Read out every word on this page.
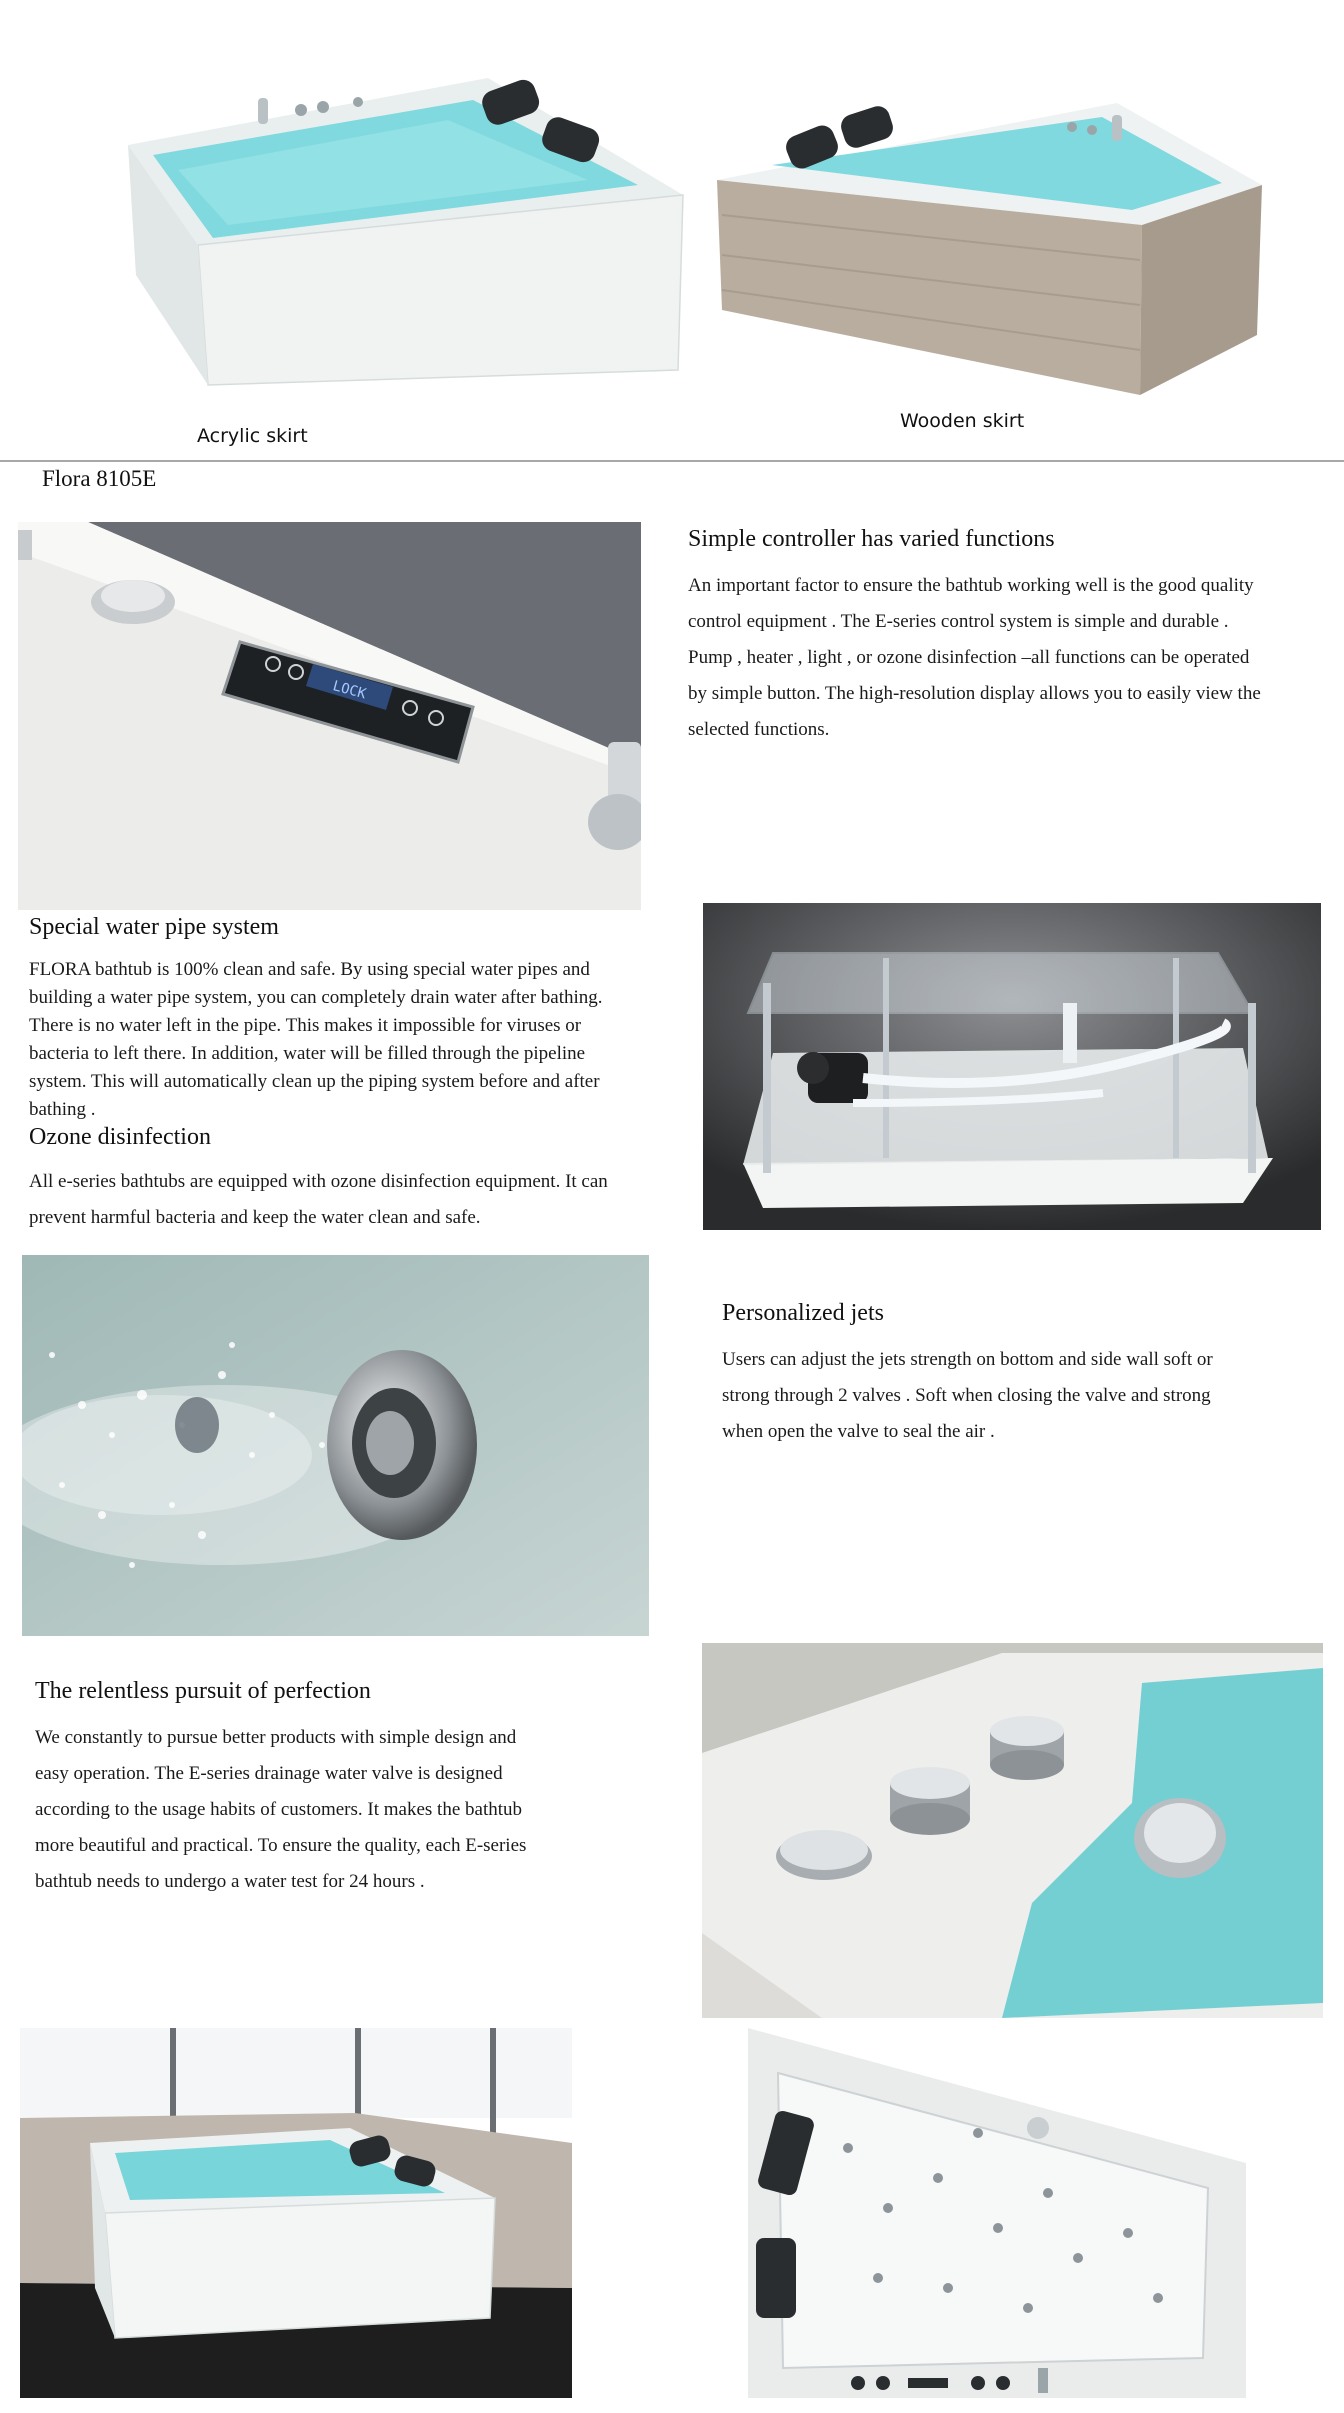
Acrylic skirt
Wooden skirt
Flora 8105E
LOCK
Simple controller has varied functions
An important factor to ensure the bathtub working well is the good quality
control equipment . The E-series control system is simple and durable .
Pump , heater , light , or ozone disinfection –all functions can be operated
by simple button. The high-resolution display allows you to easily view the
selected functions.
Special water pipe system
FLORA bathtub is 100% clean and safe. By using special water pipes and
building a water pipe system, you can completely drain water after bathing.
There is no water left in the pipe. This makes it impossible for viruses or
bacteria to left there. In addition, water will be filled through the pipeline
system. This will automatically clean up the piping system before and after
bathing .
Ozone disinfection
All e-series bathtubs are equipped with ozone disinfection equipment. It can
prevent harmful bacteria and keep the water clean and safe.
Personalized jets
Users can adjust the jets strength on bottom and side wall soft or
strong through 2 valves . Soft when closing the valve and strong
when open the valve to seal the air .
The relentless pursuit of perfection
We constantly to pursue better products with simple design and
easy operation. The E-series drainage water valve is designed
according to the usage habits of customers. It makes the bathtub
more beautiful and practical. To ensure the quality, each E-series
bathtub needs to undergo a water test for 24 hours .
